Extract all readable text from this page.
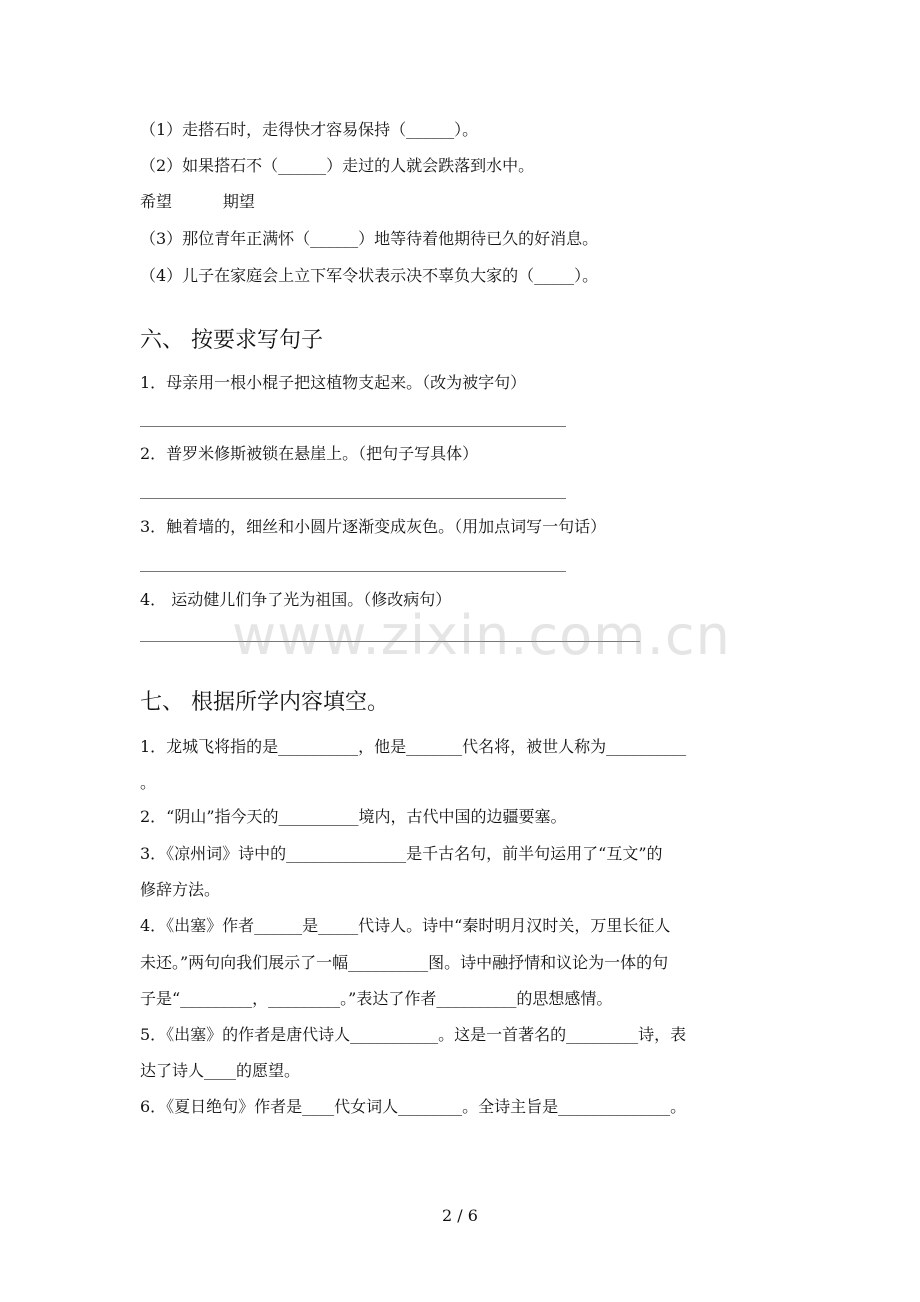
（1）走搭石时，走得快才容易保持（______）。
（2）如果搭石不（______）走过的人就会跌落到水中。
希望          期望
（3）那位青年正满怀（______）地等待着他期待已久的好消息。
（4）儿子在家庭会上立下军令状表示决不辜负大家的（_____）。
六、 按要求写句子
1．母亲用一根小棍子把这植物支起来。（改为被字句）
2．普罗米修斯被锁在悬崖上。（把句子写具体）
3．触着墙的，细丝和小圆片逐渐变成灰色。（用加点词写一句话）
4． 运动健儿们争了光为祖国。（修改病句）
www.zixin.com.cn
七、 根据所学内容填空。
1．龙城飞将指的是__________，他是_______代名将，被世人称为__________
。
2．“阴山”指今天的__________境内，古代中国的边疆要塞。
3．《凉州词》诗中的_______________是千古名句，前半句运用了“互文”的
修辞方法。
4．《出塞》作者______是_____代诗人。诗中“秦时明月汉时关，万里长征人
未还。”两句向我们展示了一幅__________图。诗中融抒情和议论为一体的句
子是“_________，_________。”表达了作者__________的思想感情。
5．《出塞》的作者是唐代诗人___________。这是一首著名的_________诗，表
达了诗人____的愿望。
6．《夏日绝句》作者是____代女词人________。全诗主旨是______________。
2 / 6
